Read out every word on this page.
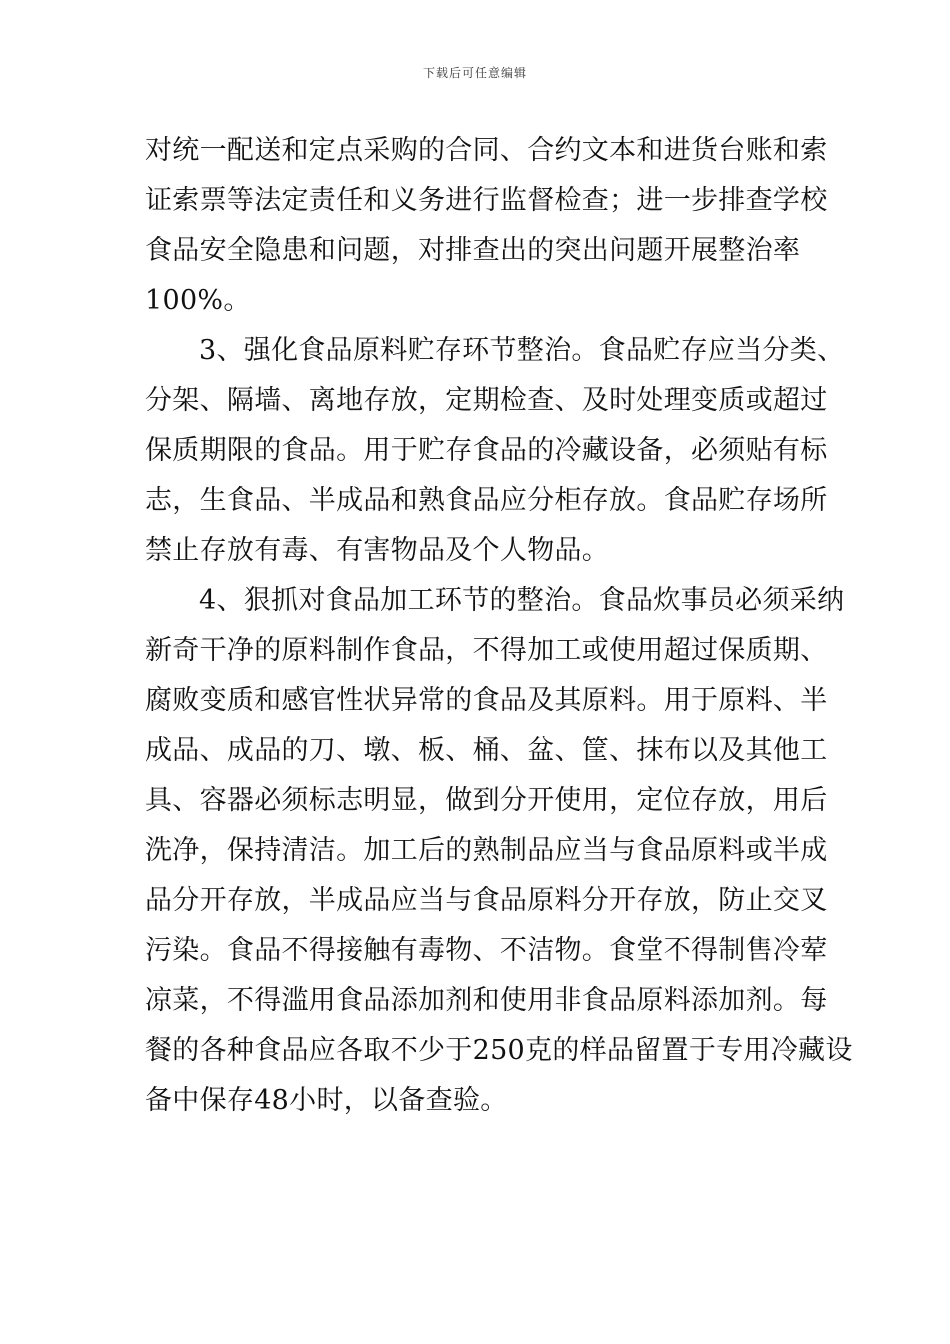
下载后可任意编辑
对统一配送和定点采购的合同、合约文本和进货台账和索
证索票等法定责任和义务进行监督检查；进一步排查学校
食品安全隐患和问题，对排查出的突出问题开展整治率
100%。
3、强化食品原料贮存环节整治。食品贮存应当分类、
分架、隔墙、离地存放，定期检查、及时处理变质或超过
保质期限的食品。用于贮存食品的冷藏设备，必须贴有标
志，生食品、半成品和熟食品应分柜存放。食品贮存场所
禁止存放有毒、有害物品及个人物品。
4、狠抓对食品加工环节的整治。食品炊事员必须采纳
新奇干净的原料制作食品，不得加工或使用超过保质期、
腐败变质和感官性状异常的食品及其原料。用于原料、半
成品、成品的刀、墩、板、桶、盆、筐、抹布以及其他工
具、容器必须标志明显，做到分开使用，定位存放，用后
洗净，保持清洁。加工后的熟制品应当与食品原料或半成
品分开存放，半成品应当与食品原料分开存放，防止交叉
污染。食品不得接触有毒物、不洁物。食堂不得制售冷荤
凉菜，不得滥用食品添加剂和使用非食品原料添加剂。每
餐的各种食品应各取不少于250克的样品留置于专用冷藏设
备中保存48小时，以备查验。
